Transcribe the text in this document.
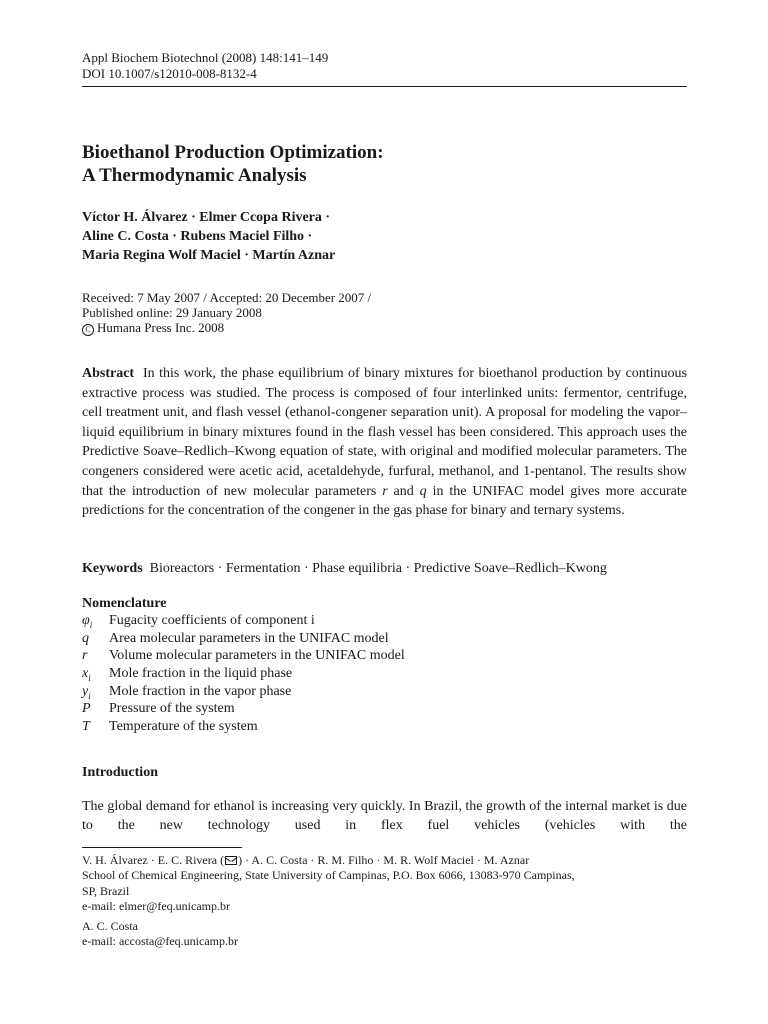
Appl Biochem Biotechnol (2008) 148:141–149
DOI 10.1007/s12010-008-8132-4
Bioethanol Production Optimization:
A Thermodynamic Analysis
Víctor H. Álvarez · Elmer Ccopa Rivera ·
Aline C. Costa · Rubens Maciel Filho ·
Maria Regina Wolf Maciel · Martín Aznar
Received: 7 May 2007 / Accepted: 20 December 2007 /
Published online: 29 January 2008
C Humana Press Inc. 2008
Abstract In this work, the phase equilibrium of binary mixtures for bioethanol production by continuous extractive process was studied. The process is composed of four interlinked units: fermentor, centrifuge, cell treatment unit, and flash vessel (ethanol-congener separation unit). A proposal for modeling the vapor–liquid equilibrium in binary mixtures found in the flash vessel has been considered. This approach uses the Predictive Soave–Redlich–Kwong equation of state, with original and modified molecular parameters. The congeners considered were acetic acid, acetaldehyde, furfural, methanol, and 1-pentanol. The results show that the introduction of new molecular parameters r and q in the UNIFAC model gives more accurate predictions for the concentration of the congener in the gas phase for binary and ternary systems.
Keywords Bioreactors · Fermentation · Phase equilibria · Predictive Soave–Redlich–Kwong
Nomenclature
$\varphi_i$	Fugacity coefficients of component i
q	Area molecular parameters in the UNIFAC model
r	Volume molecular parameters in the UNIFAC model
$x_i$	Mole fraction in the liquid phase
$y_i$	Mole fraction in the vapor phase
P	Pressure of the system
T	Temperature of the system
Introduction
The global demand for ethanol is increasing very quickly. In Brazil, the growth of the internal market is due to the new technology used in flex fuel vehicles (vehicles with the
V. H. Álvarez · E. C. Rivera ( ) · A. C. Costa · R. M. Filho · M. R. Wolf Maciel · M. Aznar
School of Chemical Engineering, State University of Campinas, P.O. Box 6066, 13083-970 Campinas,
SP, Brazil
e-mail: elmer@feq.unicamp.br
A. C. Costa
e-mail: accosta@feq.unicamp.br
